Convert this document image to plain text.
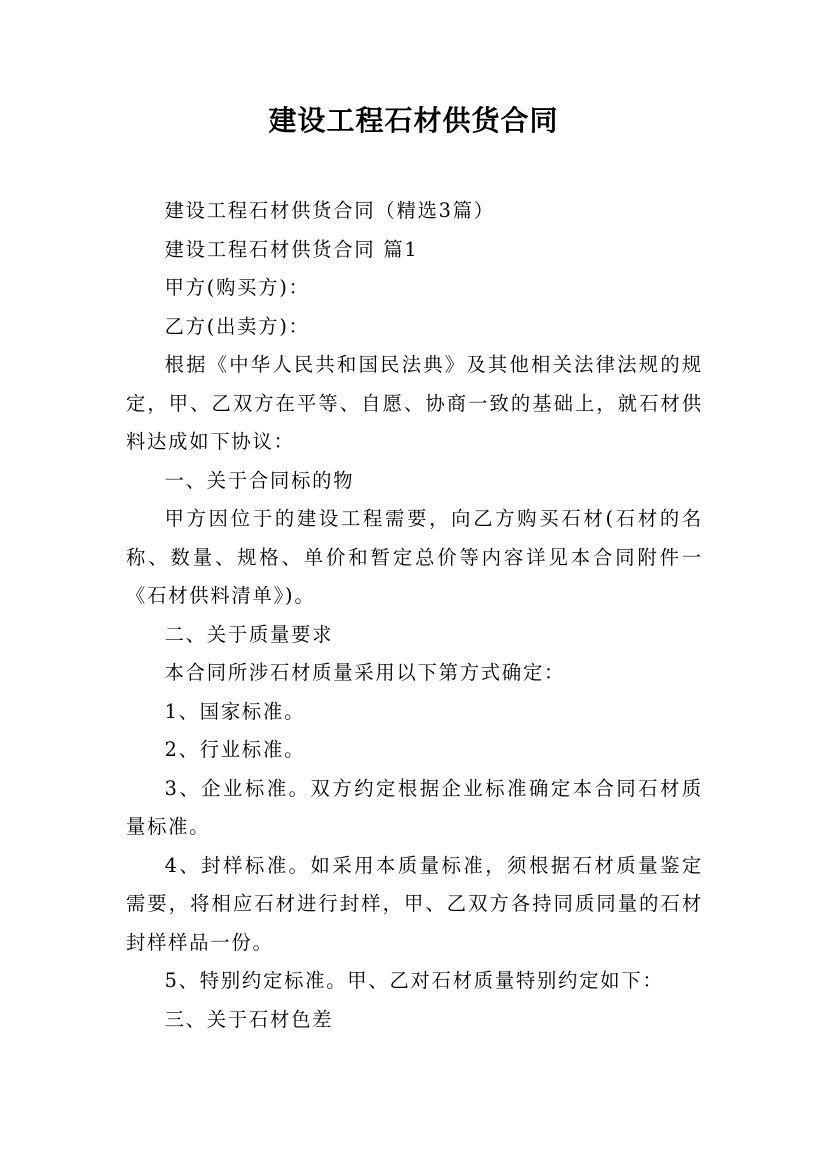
建设工程石材供货合同

建设工程石材供货合同（精选3篇）

建设工程石材供货合同 篇1

甲方(购买方)：

乙方(出卖方)：

根据《中华人民共和国民法典》及其他相关法律法规的规定，甲、乙双方在平等、自愿、协商一致的基础上，就石材供料达成如下协议：

一、关于合同标的物

甲方因位于的建设工程需要，向乙方购买石材(石材的名称、数量、规格、单价和暂定总价等内容详见本合同附件一《石材供料清单》)。

二、关于质量要求

本合同所涉石材质量采用以下第方式确定：

1、国家标准。

2、行业标准。

3、企业标准。双方约定根据企业标准确定本合同石材质量标准。

4、封样标准。如采用本质量标准，须根据石材质量鉴定需要，将相应石材进行封样，甲、乙双方各持同质同量的石材封样样品一份。

5、特别约定标准。甲、乙对石材质量特别约定如下：

三、关于石材色差
